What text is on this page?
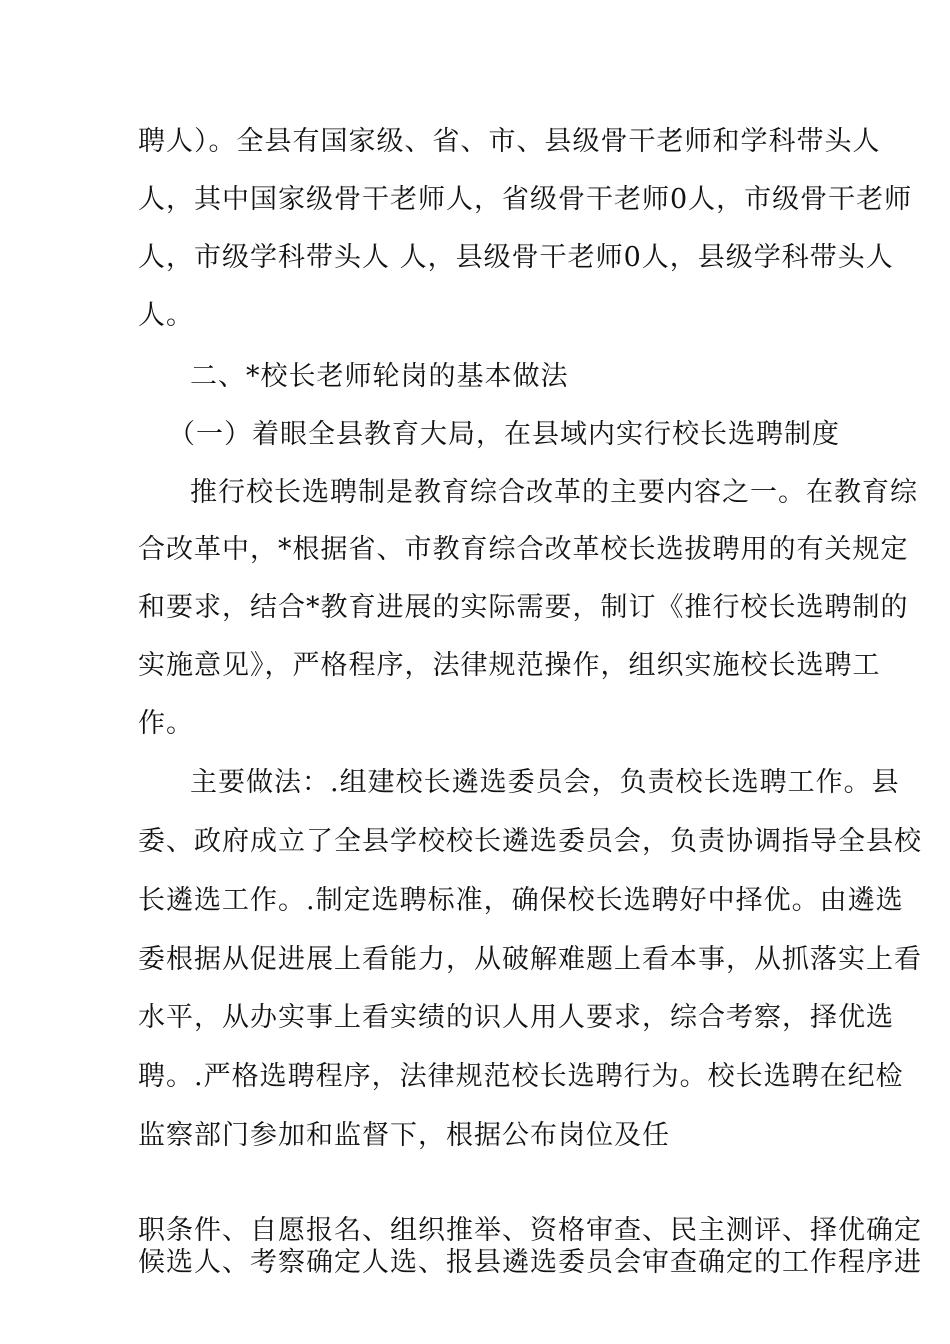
聘人）。全县有国家级、省、市、县级骨干老师和学科带头人
人，其中国家级骨干老师人，省级骨干老师0人，市级骨干老师
人，市级学科带头人 人，县级骨干老师0人，县级学科带头人
人。
二、*校长老师轮岗的基本做法
（一）着眼全县教育大局，在县域内实行校长选聘制度
推行校长选聘制是教育综合改革的主要内容之一。在教育综
合改革中，*根据省、市教育综合改革校长选拔聘用的有关规定
和要求，结合*教育进展的实际需要，制订《推行校长选聘制的
实施意见》，严格程序，法律规范操作，组织实施校长选聘工
作。
主要做法：.组建校长遴选委员会，负责校长选聘工作。县
委、政府成立了全县学校校长遴选委员会，负责协调指导全县校
长遴选工作。.制定选聘标准，确保校长选聘好中择优。由遴选
委根据从促进展上看能力，从破解难题上看本事，从抓落实上看
水平，从办实事上看实绩的识人用人要求，综合考察，择优选
聘。.严格选聘程序，法律规范校长选聘行为。校长选聘在纪检
监察部门参加和监督下，根据公布岗位及任
职条件、自愿报名、组织推举、资格审查、民主测评、择优确定
候选人、考察确定人选、报县遴选委员会审查确定的工作程序进
